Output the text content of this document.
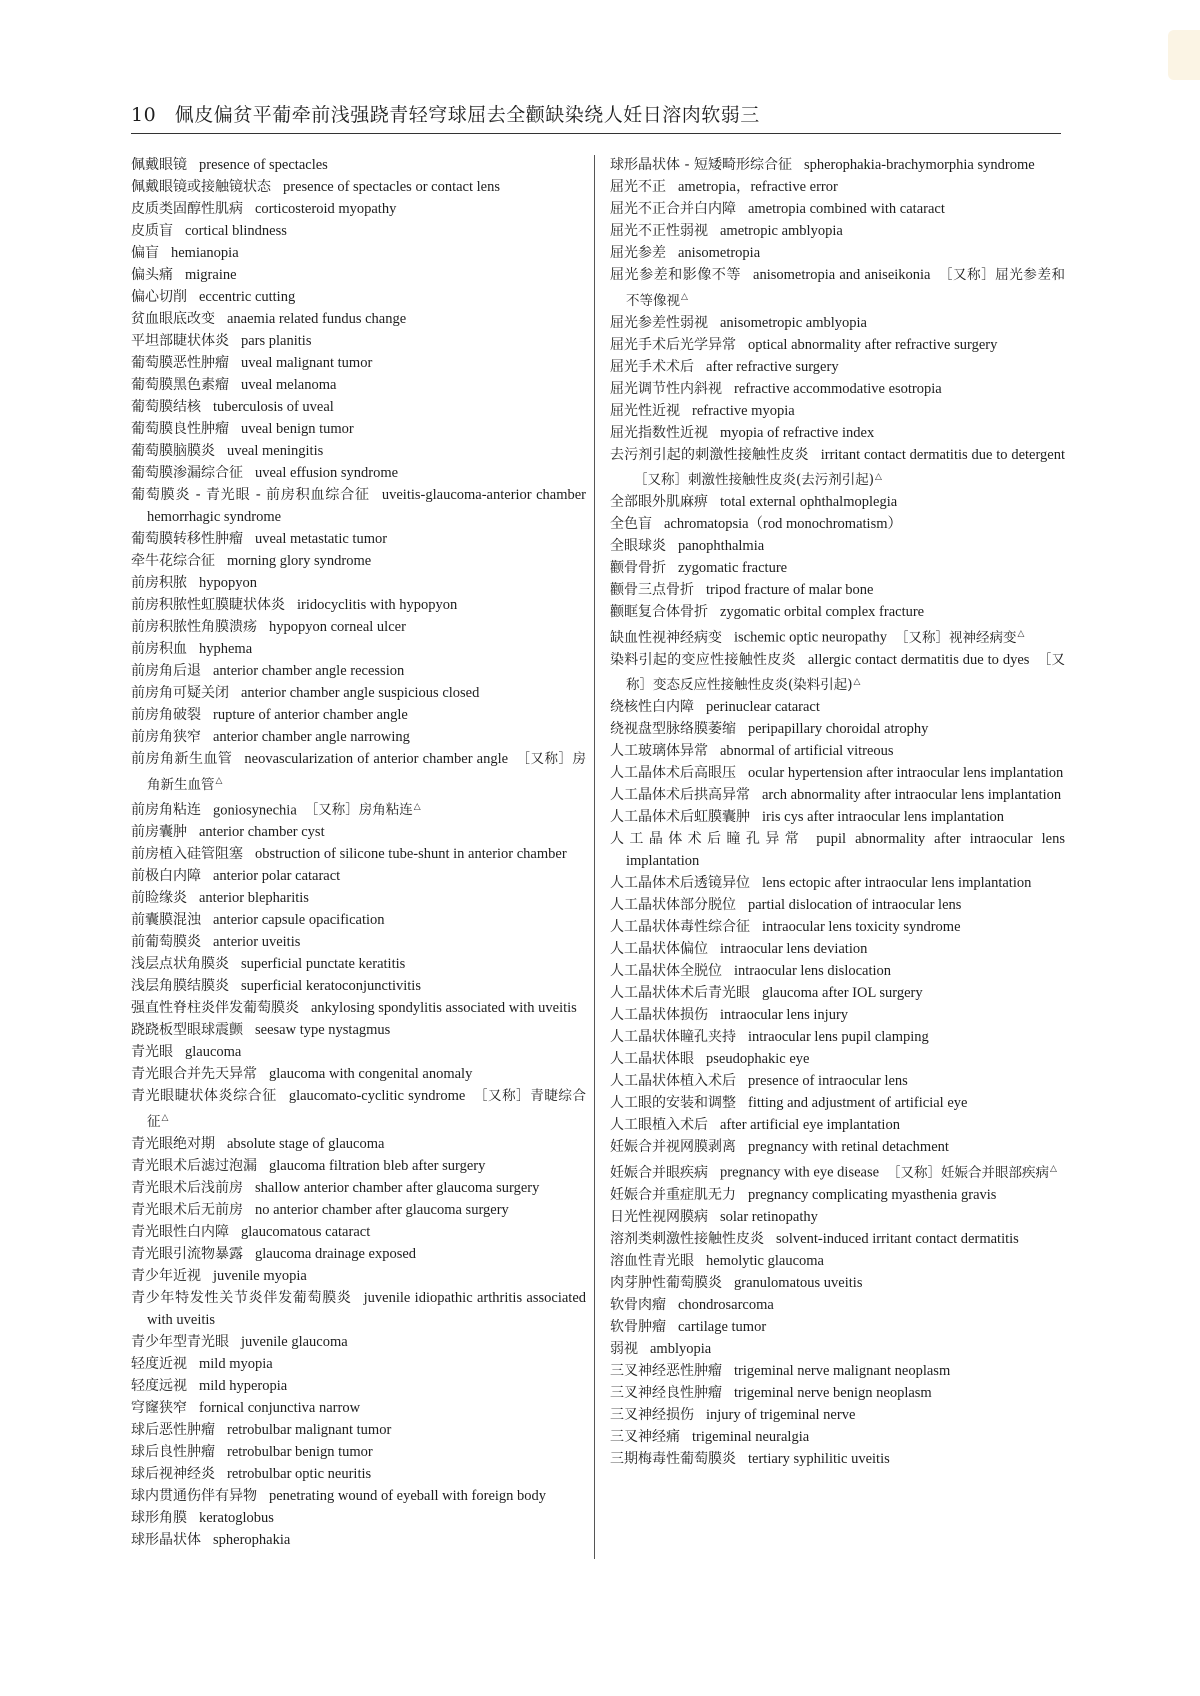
10 佩皮偏贫平葡牵前浅强跷青轻穹球屈去全颧缺染绕人妊日溶肉软弱三
佩戴眼镜 presence of spectacles
佩戴眼镜或接触镜状态 presence of spectacles or contact lens
皮质类固醇性肌病 corticosteroid myopathy
皮质盲 cortical blindness
偏盲 hemianopia
偏头痛 migraine
偏心切削 eccentric cutting
贫血眼底改变 anaemia related fundus change
平坦部睫状体炎 pars planitis
葡萄膜恶性肿瘤 uveal malignant tumor
葡萄膜黑色素瘤 uveal melanoma
葡萄膜结核 tuberculosis of uveal
葡萄膜良性肿瘤 uveal benign tumor
葡萄膜脑膜炎 uveal meningitis
葡萄膜渗漏综合征 uveal effusion syndrome
葡萄膜炎 - 青光眼 - 前房积血综合征 uveitis-glaucoma-anterior chamber hemorrhagic syndrome
葡萄膜转移性肿瘤 uveal metastatic tumor
牵牛花综合征 morning glory syndrome
前房积脓 hypopyon
前房积脓性虹膜睫状体炎 iridocyclitis with hypopyon
前房积脓性角膜溃疡 hypopyon corneal ulcer
前房积血 hyphema
前房角后退 anterior chamber angle recession
前房角可疑关闭 anterior chamber angle suspicious closed
前房角破裂 rupture of anterior chamber angle
前房角狭窄 anterior chamber angle narrowing
前房角新生血管 neovascularization of anterior chamber angle ［又称］房角新生血管△
前房角粘连 goniosynechia ［又称］房角粘连△
前房囊肿 anterior chamber cyst
前房植入硅管阻塞 obstruction of silicone tube-shunt in anterior chamber
前极白内障 anterior polar cataract
前睑缘炎 anterior blepharitis
前囊膜混浊 anterior capsule opacification
前葡萄膜炎 anterior uveitis
浅层点状角膜炎 superficial punctate keratitis
浅层角膜结膜炎 superficial keratoconjunctivitis
强直性脊柱炎伴发葡萄膜炎 ankylosing spondylitis associated with uveitis
跷跷板型眼球震颤 seesaw type nystagmus
青光眼 glaucoma
青光眼合并先天异常 glaucoma with congenital anomaly
青光眼睫状体炎综合征 glaucomato-cyclitic syndrome ［又称］青睫综合征△
青光眼绝对期 absolute stage of glaucoma
青光眼术后滤过泡漏 glaucoma filtration bleb after surgery
青光眼术后浅前房 shallow anterior chamber after glaucoma surgery
青光眼术后无前房 no anterior chamber after glaucoma surgery
青光眼性白内障 glaucomatous cataract
青光眼引流物暴露 glaucoma drainage exposed
青少年近视 juvenile myopia
青少年特发性关节炎伴发葡萄膜炎 juvenile idiopathic arthritis associated with uveitis
青少年型青光眼 juvenile glaucoma
轻度近视 mild myopia
轻度远视 mild hyperopia
穹窿狭窄 fornical conjunctiva narrow
球后恶性肿瘤 retrobulbar malignant tumor
球后良性肿瘤 retrobulbar benign tumor
球后视神经炎 retrobulbar optic neuritis
球内贯通伤伴有异物 penetrating wound of eyeball with foreign body
球形角膜 keratoglobus
球形晶状体 spherophakia
球形晶状体 - 短矮畸形综合征 spherophakia-brachymorphia syndrome
屈光不正 ametropia，refractive error
屈光不正合并白内障 ametropia combined with cataract
屈光不正性弱视 ametropic amblyopia
屈光参差 anisometropia
屈光参差和影像不等 anisometropia and aniseikonia ［又称］屈光参差和不等像视△
屈光参差性弱视 anisometropic amblyopia
屈光手术后光学异常 optical abnormality after refractive surgery
屈光手术术后 after refractive surgery
屈光调节性内斜视 refractive accommodative esotropia
屈光性近视 refractive myopia
屈光指数性近视 myopia of refractive index
去污剂引起的刺激性接触性皮炎 irritant contact dermatitis due to detergent［又称］刺激性接触性皮炎(去污剂引起)△
全部眼外肌麻痹 total external ophthalmoplegia
全色盲 achromatopsia（rod monochromatism）
全眼球炎 panophthalmia
颧骨骨折 zygomatic fracture
颧骨三点骨折 tripod fracture of malar bone
颧眶复合体骨折 zygomatic orbital complex fracture
缺血性视神经病变 ischemic optic neuropathy ［又称］视神经病变△
染料引起的变应性接触性皮炎 allergic contact dermatitis due to dyes ［又称］变态反应性接触性皮炎(染料引起)△
绕核性白内障 perinuclear cataract
绕视盘型脉络膜萎缩 peripapillary choroidal atrophy
人工玻璃体异常 abnormal of artificial vitreous
人工晶体术后高眼压 ocular hypertension after intraocular lens implantation
人工晶体术后拱高异常 arch abnormality after intraocular lens implantation
人工晶体术后虹膜囊肿 iris cys after intraocular lens implantation
人工晶体术后瞳孔异常 pupil abnormality after intraocular lens implantation
人工晶体术后透镜异位 lens ectopic after intraocular lens implantation
人工晶状体部分脱位 partial dislocation of intraocular lens
人工晶状体毒性综合征 intraocular lens toxicity syndrome
人工晶状体偏位 intraocular lens deviation
人工晶状体全脱位 intraocular lens dislocation
人工晶状体术后青光眼 glaucoma after IOL surgery
人工晶状体损伤 intraocular lens injury
人工晶状体瞳孔夹持 intraocular lens pupil clamping
人工晶状体眼 pseudophakic eye
人工晶状体植入术后 presence of intraocular lens
人工眼的安装和调整 fitting and adjustment of artificial eye
人工眼植入术后 after artificial eye implantation
妊娠合并视网膜剥离 pregnancy with retinal detachment
妊娠合并眼疾病 pregnancy with eye disease ［又称］妊娠合并眼部疾病△
妊娠合并重症肌无力 pregnancy complicating myasthenia gravis
日光性视网膜病 solar retinopathy
溶剂类刺激性接触性皮炎 solvent-induced irritant contact dermatitis
溶血性青光眼 hemolytic glaucoma
肉芽肿性葡萄膜炎 granulomatous uveitis
软骨肉瘤 chondrosarcoma
软骨肿瘤 cartilage tumor
弱视 amblyopia
三叉神经恶性肿瘤 trigeminal nerve malignant neoplasm
三叉神经良性肿瘤 trigeminal nerve benign neoplasm
三叉神经损伤 injury of trigeminal nerve
三叉神经痛 trigeminal neuralgia
三期梅毒性葡萄膜炎 tertiary syphilitic uveitis
